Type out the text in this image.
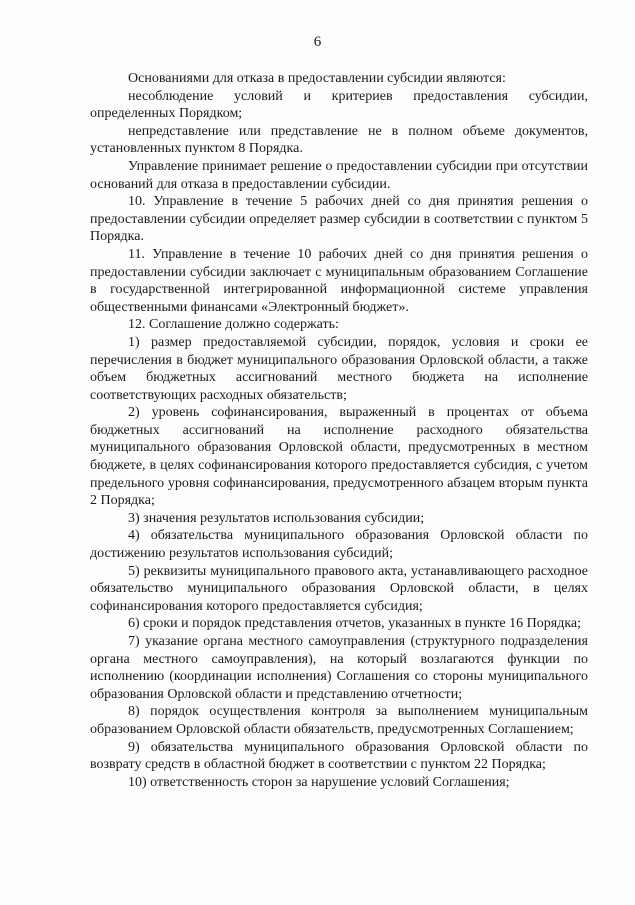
6

Основаниями для отказа в предоставлении субсидии являются:

несоблюдение условий и критериев предоставления субсидии, определенных Порядком;

непредставление или представление не в полном объеме документов, установленных пунктом 8 Порядка.

Управление принимает решение о предоставлении субсидии при отсутствии оснований для отказа в предоставлении субсидии.

10. Управление в течение 5 рабочих дней со дня принятия решения о предоставлении субсидии определяет размер субсидии в соответствии с пунктом 5 Порядка.

11. Управление в течение 10 рабочих дней со дня принятия решения о предоставлении субсидии заключает с муниципальным образованием Соглашение в государственной интегрированной информационной системе управления общественными финансами «Электронный бюджет».

12. Соглашение должно содержать:

1) размер предоставляемой субсидии, порядок, условия и сроки ее перечисления в бюджет муниципального образования Орловской области, а также объем бюджетных ассигнований местного бюджета на исполнение соответствующих расходных обязательств;

2) уровень софинансирования, выраженный в процентах от объема бюджетных ассигнований на исполнение расходного обязательства муниципального образования Орловской области, предусмотренных в местном бюджете, в целях софинансирования которого предоставляется субсидия, с учетом предельного уровня софинансирования, предусмотренного абзацем вторым пункта 2 Порядка;

3) значения результатов использования субсидии;

4) обязательства муниципального образования Орловской области по достижению результатов использования субсидий;

5) реквизиты муниципального правового акта, устанавливающего расходное обязательство муниципального образования Орловской области, в целях софинансирования которого предоставляется субсидия;

6) сроки и порядок представления отчетов, указанных в пункте 16 Порядка;

7) указание органа местного самоуправления (структурного подразделения органа местного самоуправления), на который возлагаются функции по исполнению (координации исполнения) Соглашения со стороны муниципального образования Орловской области и представлению отчетности;

8) порядок осуществления контроля за выполнением муниципальным образованием Орловской области обязательств, предусмотренных Соглашением;

9) обязательства муниципального образования Орловской области по возврату средств в областной бюджет в соответствии с пунктом 22 Порядка;

10) ответственность сторон за нарушение условий Соглашения;
